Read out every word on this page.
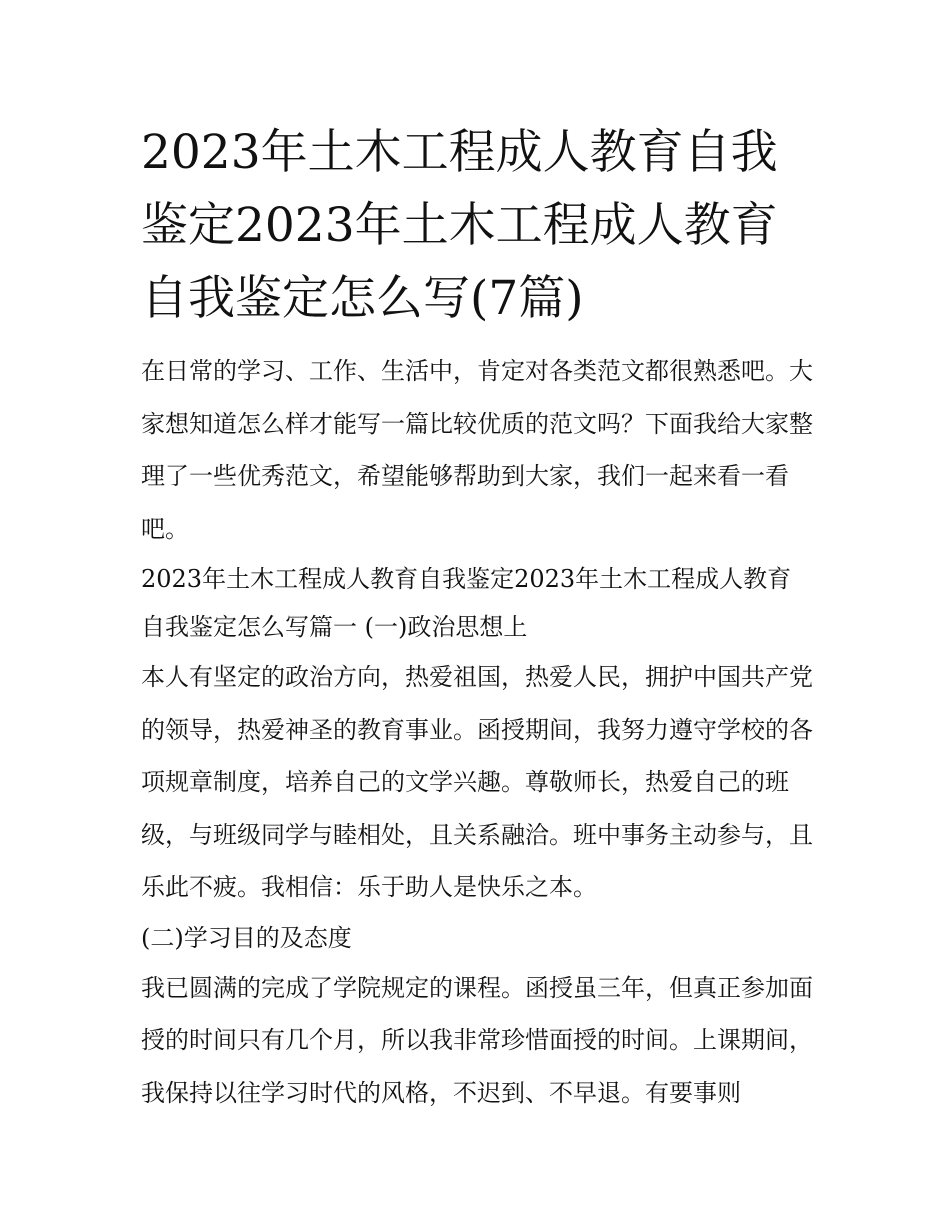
2023年土木工程成人教育自我鉴定2023年土木工程成人教育自我鉴定怎么写(7篇)

在日常的学习、工作、生活中，肯定对各类范文都很熟悉吧。大家想知道怎么样才能写一篇比较优质的范文吗？下面我给大家整理了一些优秀范文，希望能够帮助到大家，我们一起来看一看吧。

2023年土木工程成人教育自我鉴定2023年土木工程成人教育自我鉴定怎么写篇一 (一)政治思想上

本人有坚定的政治方向，热爱祖国，热爱人民，拥护中国共产党的领导，热爱神圣的教育事业。函授期间，我努力遵守学校的各项规章制度，培养自己的文学兴趣。尊敬师长，热爱自己的班级，与班级同学与睦相处，且关系融洽。班中事务主动参与，且乐此不疲。我相信：乐于助人是快乐之本。

(二)学习目的及态度

我已圆满的完成了学院规定的课程。函授虽三年，但真正参加面授的时间只有几个月，所以我非常珍惜面授的时间。上课期间，我保持以往学习时代的风格，不迟到、不早退。有要事则
